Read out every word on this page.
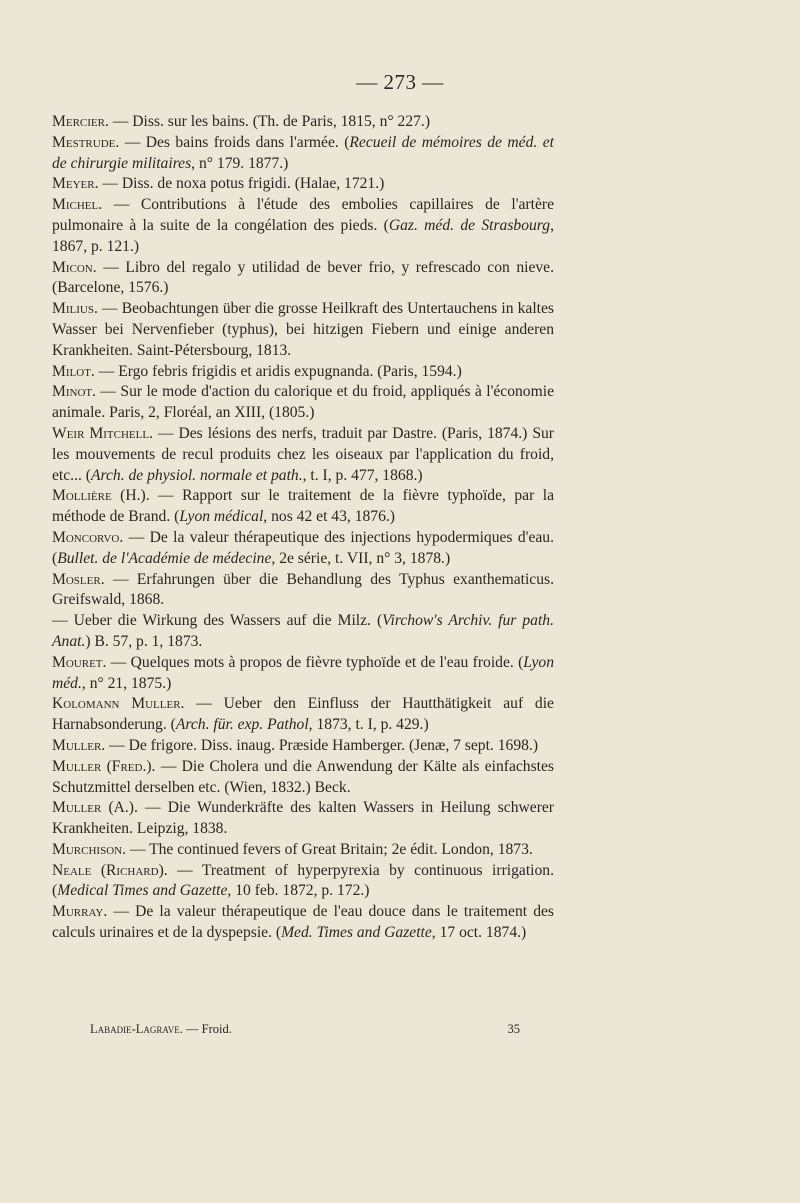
— 273 —

Mercier. — Diss. sur les bains. (Th. de Paris, 1815, n° 227.)

Mestrude. — Des bains froids dans l'armée. (Recueil de mémoires de méd. et de chirurgie militaires, n° 179. 1877.)

Meyer. — Diss. de noxa potus frigidi. (Halae, 1721.)

Michel. — Contributions à l'étude des embolies capillaires de l'artère pulmonaire à la suite de la congélation des pieds. (Gaz. méd. de Strasbourg, 1867, p. 121.)

Micon. — Libro del regalo y utilidad de bever frio, y refrescado con nieve. (Barcelone, 1576.)

Milius. — Beobachtungen über die grosse Heilkraft des Untertauchens in kaltes Wasser bei Nervenfieber (typhus), bei hitzigen Fiebern und einige anderen Krankheiten. Saint-Pétersbourg, 1813.

Milot. — Ergo febris frigidis et aridis expugnanda. (Paris, 1594.)

Minot. — Sur le mode d'action du calorique et du froid, appliqués à l'économie animale. Paris, 2, Floréal, an XIII, (1805.)

Weir Mitchell. — Des lésions des nerfs, traduit par Dastre. (Paris, 1874.) Sur les mouvements de recul produits chez les oiseaux par l'application du froid, etc... (Arch. de physiol. normale et path., t. I, p. 477, 1868.)

Mollière (H.). — Rapport sur le traitement de la fièvre typhoïde, par la méthode de Brand. (Lyon médical, nos 42 et 43, 1876.)

Moncorvo. — De la valeur thérapeutique des injections hypodermiques d'eau. (Bullet. de l'Académie de médecine, 2e série, t. VII, n° 3, 1878.)

Mosler. — Erfahrungen über die Behandlung des Typhus exanthematicus. Greifswald, 1868.

— Ueber die Wirkung des Wassers auf die Milz. (Virchow's Archiv. fur path. Anat.) B. 57, p. 1, 1873.

Mouret. — Quelques mots à propos de fièvre typhoïde et de l'eau froide. (Lyon méd., n° 21, 1875.)

Kolomann Muller. — Ueber den Einfluss der Hautthätigkeit auf die Harnabsonderung. (Arch. für. exp. Pathol, 1873, t. I, p. 429.)

Muller. — De frigore. Diss. inaug. Præside Hamberger. (Jenæ, 7 sept. 1698.)

Muller (Fred.). — Die Cholera und die Anwendung der Kälte als einfachstes Schutzmittel derselben etc. (Wien, 1832.) Beck.

Muller (A.). — Die Wunderkräfte des kalten Wassers in Heilung schwerer Krankheiten. Leipzig, 1838.

Murchison. — The continued fevers of Great Britain; 2e édit. London, 1873.

Neale (Richard). — Treatment of hyperpyrexia by continuous irrigation. (Medical Times and Gazette, 10 feb. 1872, p. 172.)

Murray. — De la valeur thérapeutique de l'eau douce dans le traitement des calculs urinaires et de la dyspepsie. (Med. Times and Gazette, 17 oct. 1874.)

Labadie-Lagrave. — Froid.	35
